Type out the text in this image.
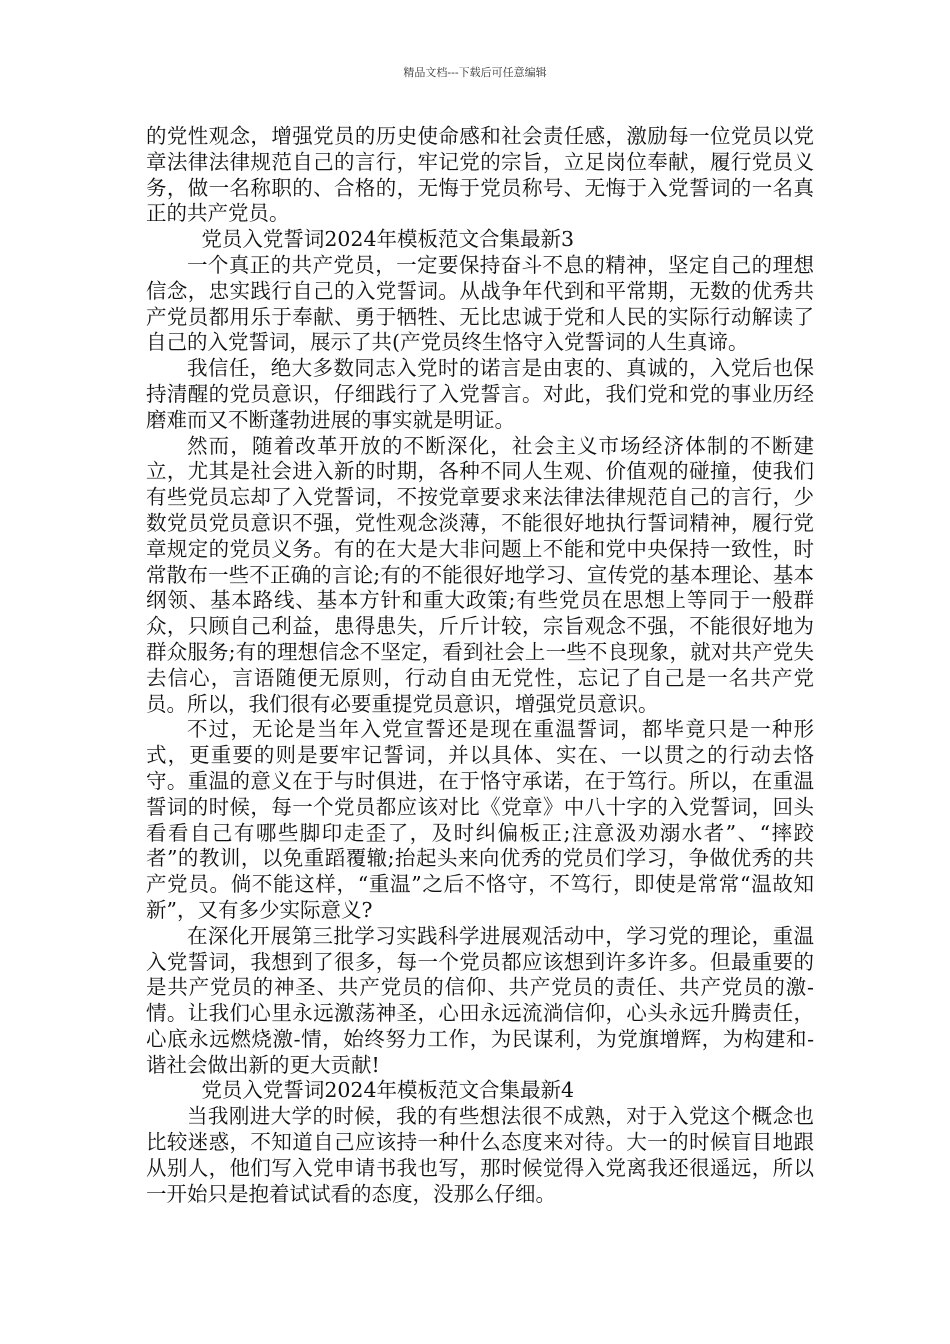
精品文档---下载后可任意编辑

的党性观念，增强党员的历史使命感和社会责任感，激励每一位党员以党章法律法律规范自己的言行，牢记党的宗旨，立足岗位奉献，履行党员义务，做一名称职的、合格的，无悔于党员称号、无悔于入党誓词的一名真正的共产党员。

党员入党誓词2024年模板范文合集最新3

一个真正的共产党员，一定要保持奋斗不息的精神，坚定自己的理想信念，忠实践行自己的入党誓词。从战争年代到和平常期，无数的优秀共产党员都用乐于奉献、勇于牺牲、无比忠诚于党和人民的实际行动解读了自己的入党誓词，展示了共(产党员终生恪守入党誓词的人生真谛。

我信任，绝大多数同志入党时的诺言是由衷的、真诚的，入党后也保持清醒的党员意识，仔细践行了入党誓言。对此，我们党和党的事业历经磨难而又不断蓬勃进展的事实就是明证。

然而，随着改革开放的不断深化，社会主义市场经济体制的不断建立，尤其是社会进入新的时期，各种不同人生观、价值观的碰撞，使我们有些党员忘却了入党誓词，不按党章要求来法律法律规范自己的言行，少数党员党员意识不强，党性观念淡薄，不能很好地执行誓词精神，履行党章规定的党员义务。有的在大是大非问题上不能和党中央保持一致性，时常散布一些不正确的言论;有的不能很好地学习、宣传党的基本理论、基本纲领、基本路线、基本方针和重大政策;有些党员在思想上等同于一般群众，只顾自己利益，患得患失，斤斤计较，宗旨观念不强，不能很好地为群众服务;有的理想信念不坚定，看到社会上一些不良现象，就对共产党失去信心，言语随便无原则，行动自由无党性，忘记了自己是一名共产党员。所以，我们很有必要重提党员意识，增强党员意识。

不过，无论是当年入党宣誓还是现在重温誓词，都毕竟只是一种形式，更重要的则是要牢记誓词，并以具体、实在、一以贯之的行动去恪守。重温的意义在于与时俱进，在于恪守承诺，在于笃行。所以，在重温誓词的时候，每一个党员都应该对比《党章》中八十字的入党誓词，回头看看自己有哪些脚印走歪了，及时纠偏板正;注意汲劝溺水者”、“摔跤者”的教训，以免重蹈覆辙;抬起头来向优秀的党员们学习，争做优秀的共产党员。倘不能这样，“重温”之后不恪守，不笃行，即使是常常“温故知新”，又有多少实际意义?

在深化开展第三批学习实践科学进展观活动中，学习党的理论，重温入党誓词，我想到了很多，每一个党员都应该想到许多许多。但最重要的是共产党员的神圣、共产党员的信仰、共产党员的责任、共产党员的激-情。让我们心里永远激荡神圣，心田永远流淌信仰，心头永远升腾责任，心底永远燃烧激-情，始终努力工作，为民谋利，为党旗增辉，为构建和-谐社会做出新的更大贡献!

党员入党誓词2024年模板范文合集最新4

当我刚进大学的时候，我的有些想法很不成熟，对于入党这个概念也比较迷惑，不知道自己应该持一种什么态度来对待。大一的时候盲目地跟从别人，他们写入党申请书我也写，那时候觉得入党离我还很遥远，所以一开始只是抱着试试看的态度，没那么仔细。
